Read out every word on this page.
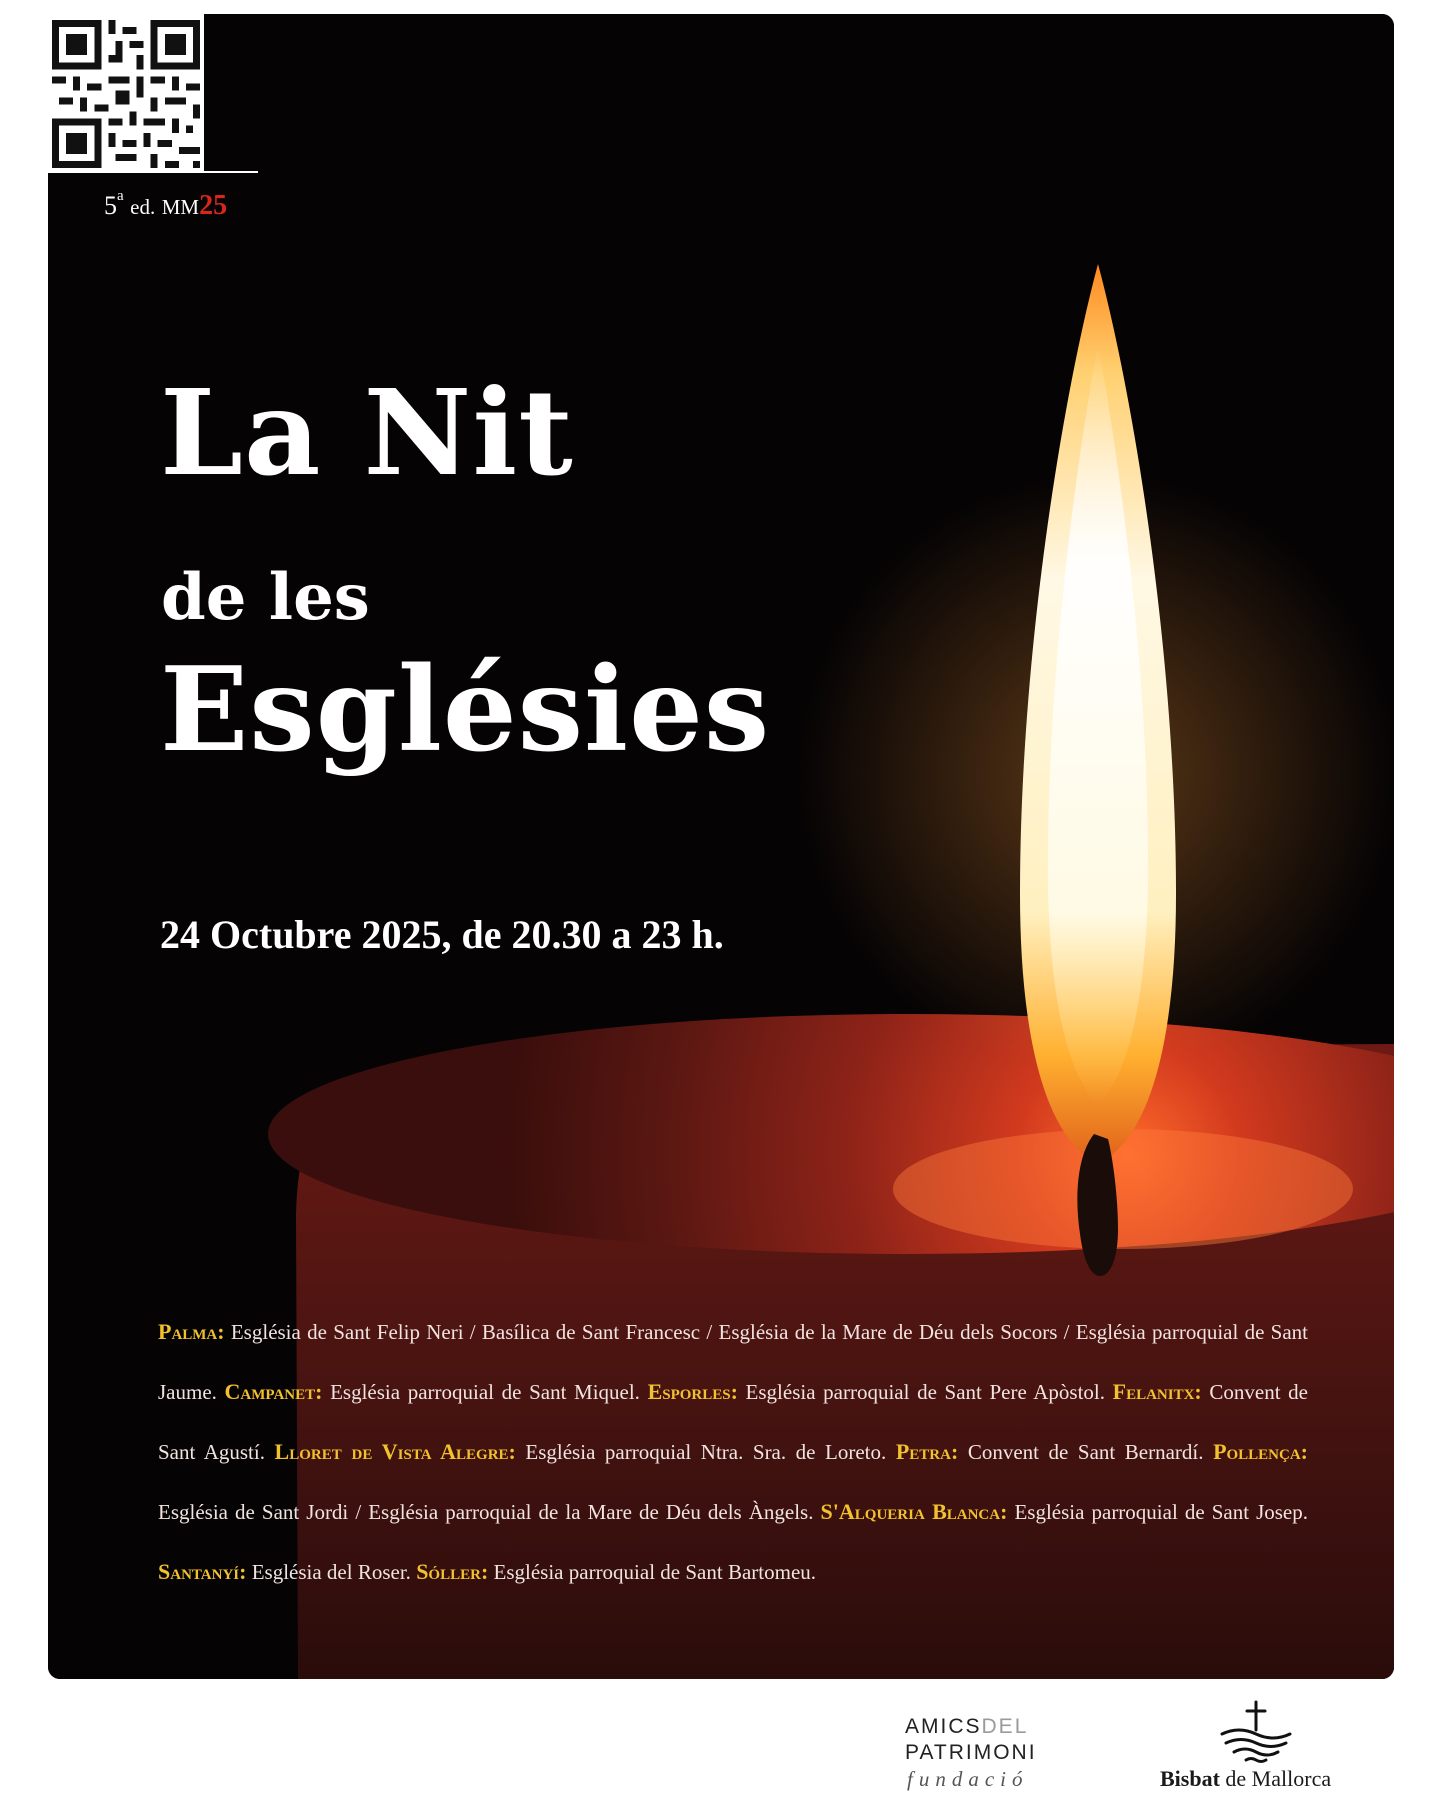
5$^a$ ed. MM25
La Nit
de les
Esglésies
24 Octubre 2025, de 20.30 a 23 h.
Palma: Església de Sant Felip Neri / Basílica de Sant Francesc / Església de la Mare de Déu dels Socors / Església parroquial de Sant Jaume. Campanet: Església parroquial de Sant Miquel. Esporles: Església parroquial de Sant Pere Apòstol. Felanitx: Convent de Sant Agustí. Lloret de Vista Alegre: Església parroquial Ntra. Sra. de Loreto. Petra: Convent de Sant Bernardí. Pollença: Església de Sant Jordi / Església parroquial de la Mare de Déu dels Àngels. S'Alqueria Blanca: Església parroquial de Sant Josep. Santanyí: Església del Roser. Sóller: Església parroquial de Sant Bartomeu.
AMICSDEL
PATRIMONI
fundació	Bisbat de Mallorca
